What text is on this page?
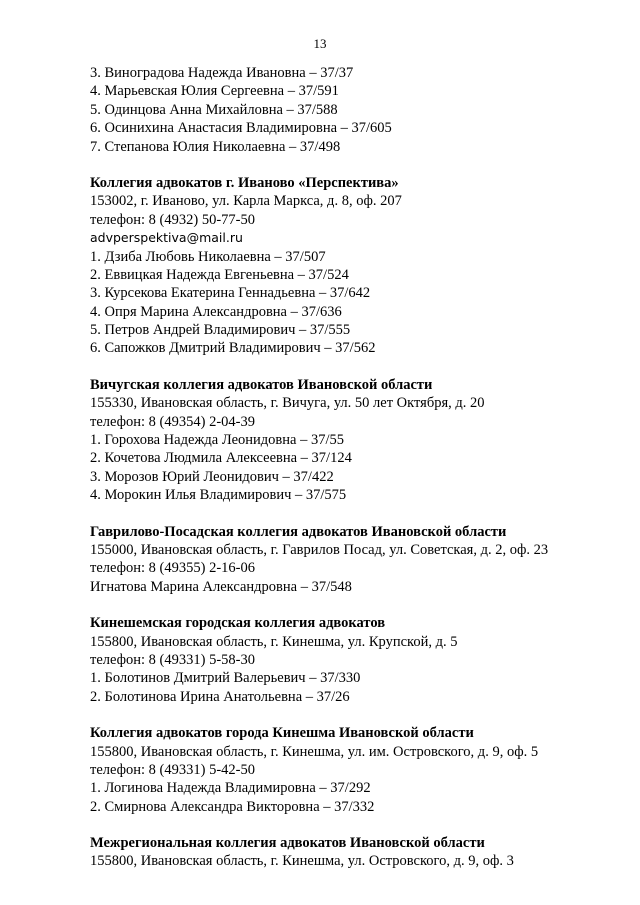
13
3. Виноградова Надежда Ивановна – 37/37
4. Марьевская Юлия Сергеевна – 37/591
5. Одинцова Анна Михайловна – 37/588
6. Осинихина Анастасия Владимировна – 37/605
7. Степанова Юлия Николаевна – 37/498
Коллегия адвокатов г. Иваново «Перспектива»
153002, г. Иваново, ул. Карла Маркса, д. 8, оф. 207
телефон: 8 (4932) 50-77-50
advperspektiva@mail.ru
1. Дзиба Любовь Николаевна – 37/507
2. Еввицкая Надежда Евгеньевна – 37/524
3. Курсекова Екатерина Геннадьевна – 37/642
4. Опря Марина Александровна – 37/636
5. Петров Андрей Владимирович – 37/555
6. Сапожков Дмитрий Владимирович – 37/562
Вичугская коллегия адвокатов Ивановской области
155330, Ивановская область, г. Вичуга, ул. 50 лет Октября, д. 20
телефон: 8 (49354) 2-04-39
1. Горохова Надежда Леонидовна – 37/55
2. Кочетова Людмила Алексеевна – 37/124
3. Морозов Юрий Леонидович – 37/422
4. Морокин Илья Владимирович – 37/575
Гаврилово-Посадская коллегия адвокатов Ивановской области
155000, Ивановская область, г. Гаврилов Посад, ул. Советская, д. 2, оф. 23
телефон: 8 (49355) 2-16-06
Игнатова Марина Александровна – 37/548
Кинешемская городская коллегия адвокатов
155800, Ивановская область, г. Кинешма, ул. Крупской, д. 5
телефон: 8 (49331) 5-58-30
1. Болотинов Дмитрий Валерьевич – 37/330
2. Болотинова Ирина Анатольевна – 37/26
Коллегия адвокатов города Кинешма Ивановской области
155800, Ивановская область, г. Кинешма, ул. им. Островского, д. 9, оф. 5
телефон: 8 (49331) 5-42-50
1. Логинова Надежда Владимировна – 37/292
2. Смирнова Александра Викторовна – 37/332
Межрегиональная коллегия адвокатов Ивановской области
155800, Ивановская область, г. Кинешма, ул. Островского, д. 9, оф. 3
